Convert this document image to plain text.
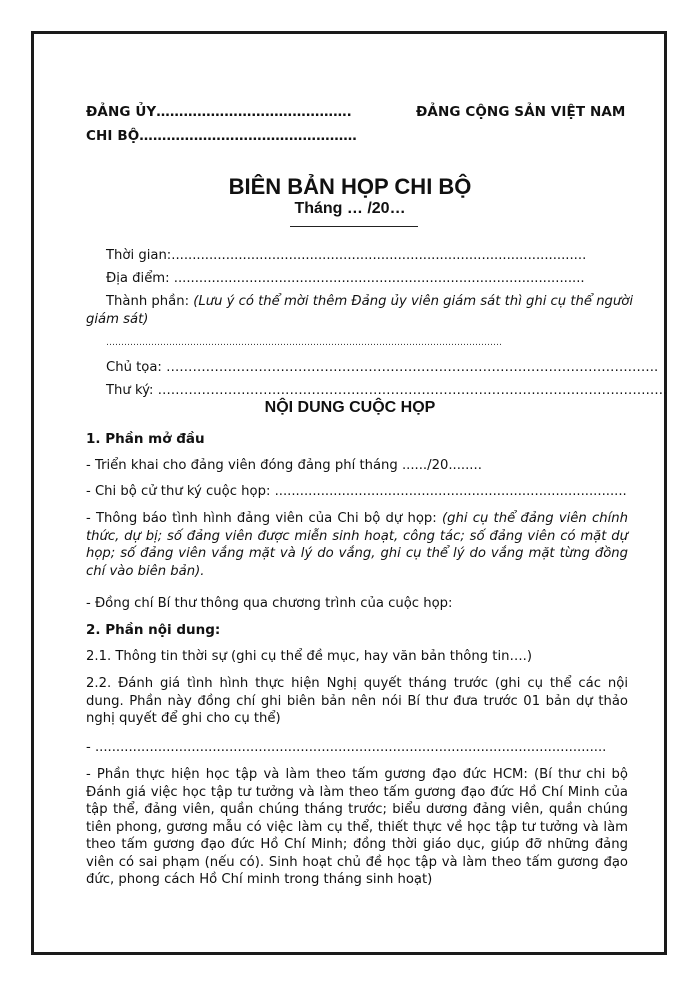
ĐẢNG ỦY…………………………………….
CHI BỘ…………………………………………
ĐẢNG CỘNG SẢN VIỆT NAM
BIÊN BẢN HỌP CHI BỘ
Tháng … /20…
Thời gian:...................................................................................................
Địa điểm: ..................................................................................................
Thành phần: (Lưu ý có thể mời thêm Đảng ủy viên giám sát thì ghi cụ thể người
giám sát)
……………………………………………………………………………………………………………………
Chủ tọa: ………………………………………………………………………………………………….
Thư ký: ……………………………………………………………………………………………………..
NỘI DUNG CUỘC HỌP
1. Phần mở đầu
- Triển khai cho đảng viên đóng đảng phí tháng ....../20........
- Chi bộ cử thư ký cuộc họp: ....................................................................................
- Thông báo tình hình đảng viên của Chi bộ dự họp: (ghi cụ thể đảng viên chính thức, dự bị; số đảng viên được miễn sinh hoạt, công tác; số đảng viên có mặt dự họp; số đảng viên vắng mặt và lý do vắng, ghi cụ thể lý do vắng mặt từng đồng chí vào biên bản).
- Đồng chí Bí thư thông qua chương trình của cuộc họp:
2. Phần nội dung:
2.1. Thông tin thời sự (ghi cụ thể đề mục, hay văn bản thông tin….)
2.2. Đánh giá tình hình thực hiện Nghị quyết tháng trước (ghi cụ thể các nội dung. Phần này đồng chí ghi biên bản nên nói Bí thư đưa trước 01 bản dự thảo nghị quyết để ghi cho cụ thể)
- ..........................................................................................................................
- Phần thực hiện học tập và làm theo tấm gương đạo đức HCM: (Bí thư chi bộ Đánh giá việc học tập tư tưởng và làm theo tấm gương đạo đức Hồ Chí Minh của tập thể, đảng viên, quần chúng tháng trước; biểu dương đảng viên, quần chúng tiên phong, gương mẫu có việc làm cụ thể, thiết thực về học tập tư tưởng và làm theo tấm gương đạo đức Hồ Chí Minh; đồng thời giáo dục, giúp đỡ những đảng viên có sai phạm (nếu có). Sinh hoạt chủ đề học tập và làm theo tấm gương đạo đức, phong cách Hồ Chí minh trong tháng sinh hoạt)
